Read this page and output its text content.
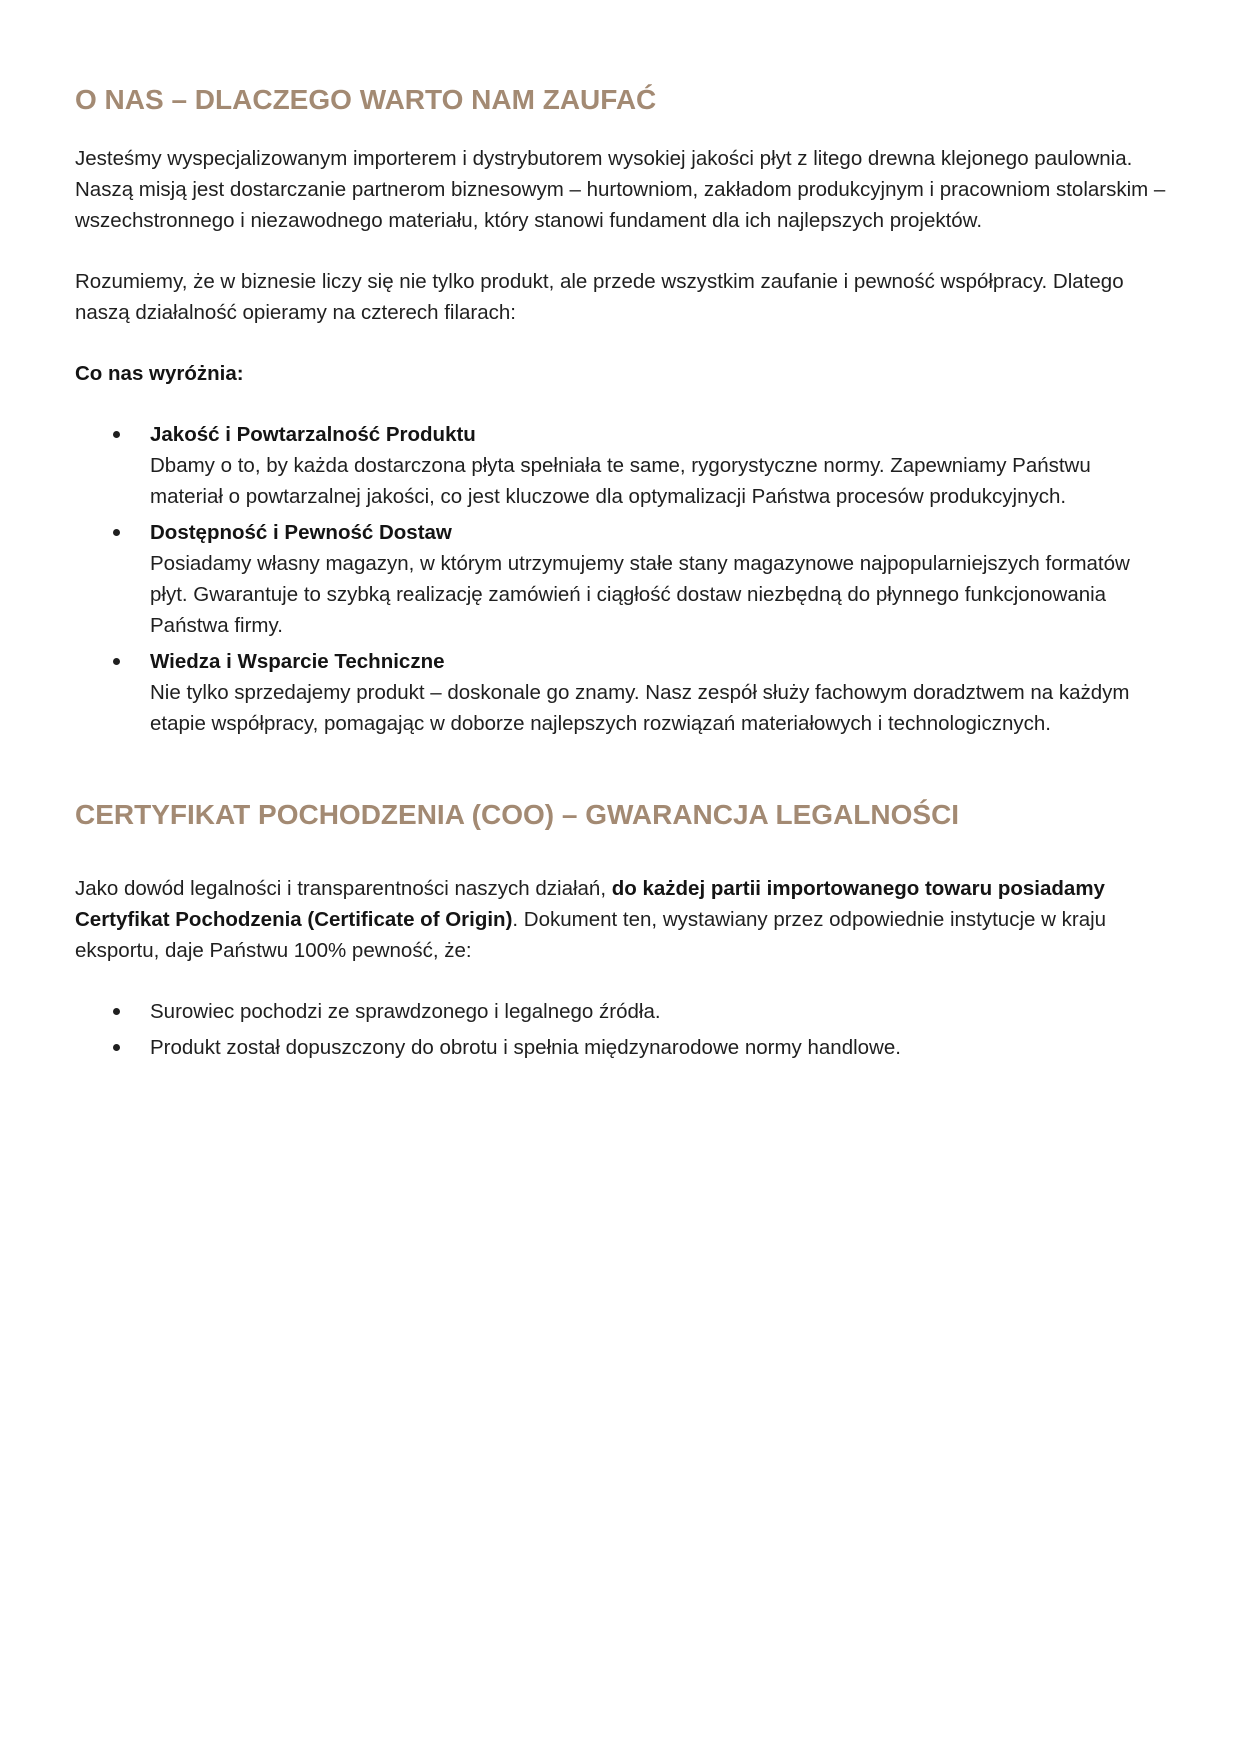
O NAS – DLACZEGO WARTO NAM ZAUFAĆ

Jesteśmy wyspecjalizowanym importerem i dystrybutorem wysokiej jakości płyt z litego drewna klejonego paulownia. Naszą misją jest dostarczanie partnerom biznesowym – hurtowniom, zakładom produkcyjnym i pracowniom stolarskim – wszechstronnego i niezawodnego materiału, który stanowi fundament dla ich najlepszych projektów.

Rozumiemy, że w biznesie liczy się nie tylko produkt, ale przede wszystkim zaufanie i pewność współpracy. Dlatego naszą działalność opieramy na czterech filarach:

Co nas wyróżnia:

Jakość i Powtarzalność Produktu
Dbamy o to, by każda dostarczona płyta spełniała te same, rygorystyczne normy. Zapewniamy Państwu materiał o powtarzalnej jakości, co jest kluczowe dla optymalizacji Państwa procesów produkcyjnych.
Dostępność i Pewność Dostaw
Posiadamy własny magazyn, w którym utrzymujemy stałe stany magazynowe najpopularniejszych formatów płyt. Gwarantuje to szybką realizację zamówień i ciągłość dostaw niezbędną do płynnego funkcjonowania Państwa firmy.
Wiedza i Wsparcie Techniczne
Nie tylko sprzedajemy produkt – doskonale go znamy. Nasz zespół służy fachowym doradztwem na każdym etapie współpracy, pomagając w doborze najlepszych rozwiązań materiałowych i technologicznych.
CERTYFIKAT POCHODZENIA (COO) – GWARANCJA LEGALNOŚCI

Jako dowód legalności i transparentności naszych działań, do każdej partii importowanego towaru posiadamy Certyfikat Pochodzenia (Certificate of Origin). Dokument ten, wystawiany przez odpowiednie instytucje w kraju eksportu, daje Państwu 100% pewność, że:

Surowiec pochodzi ze sprawdzonego i legalnego źródła.
Produkt został dopuszczony do obrotu i spełnia międzynarodowe normy handlowe.
